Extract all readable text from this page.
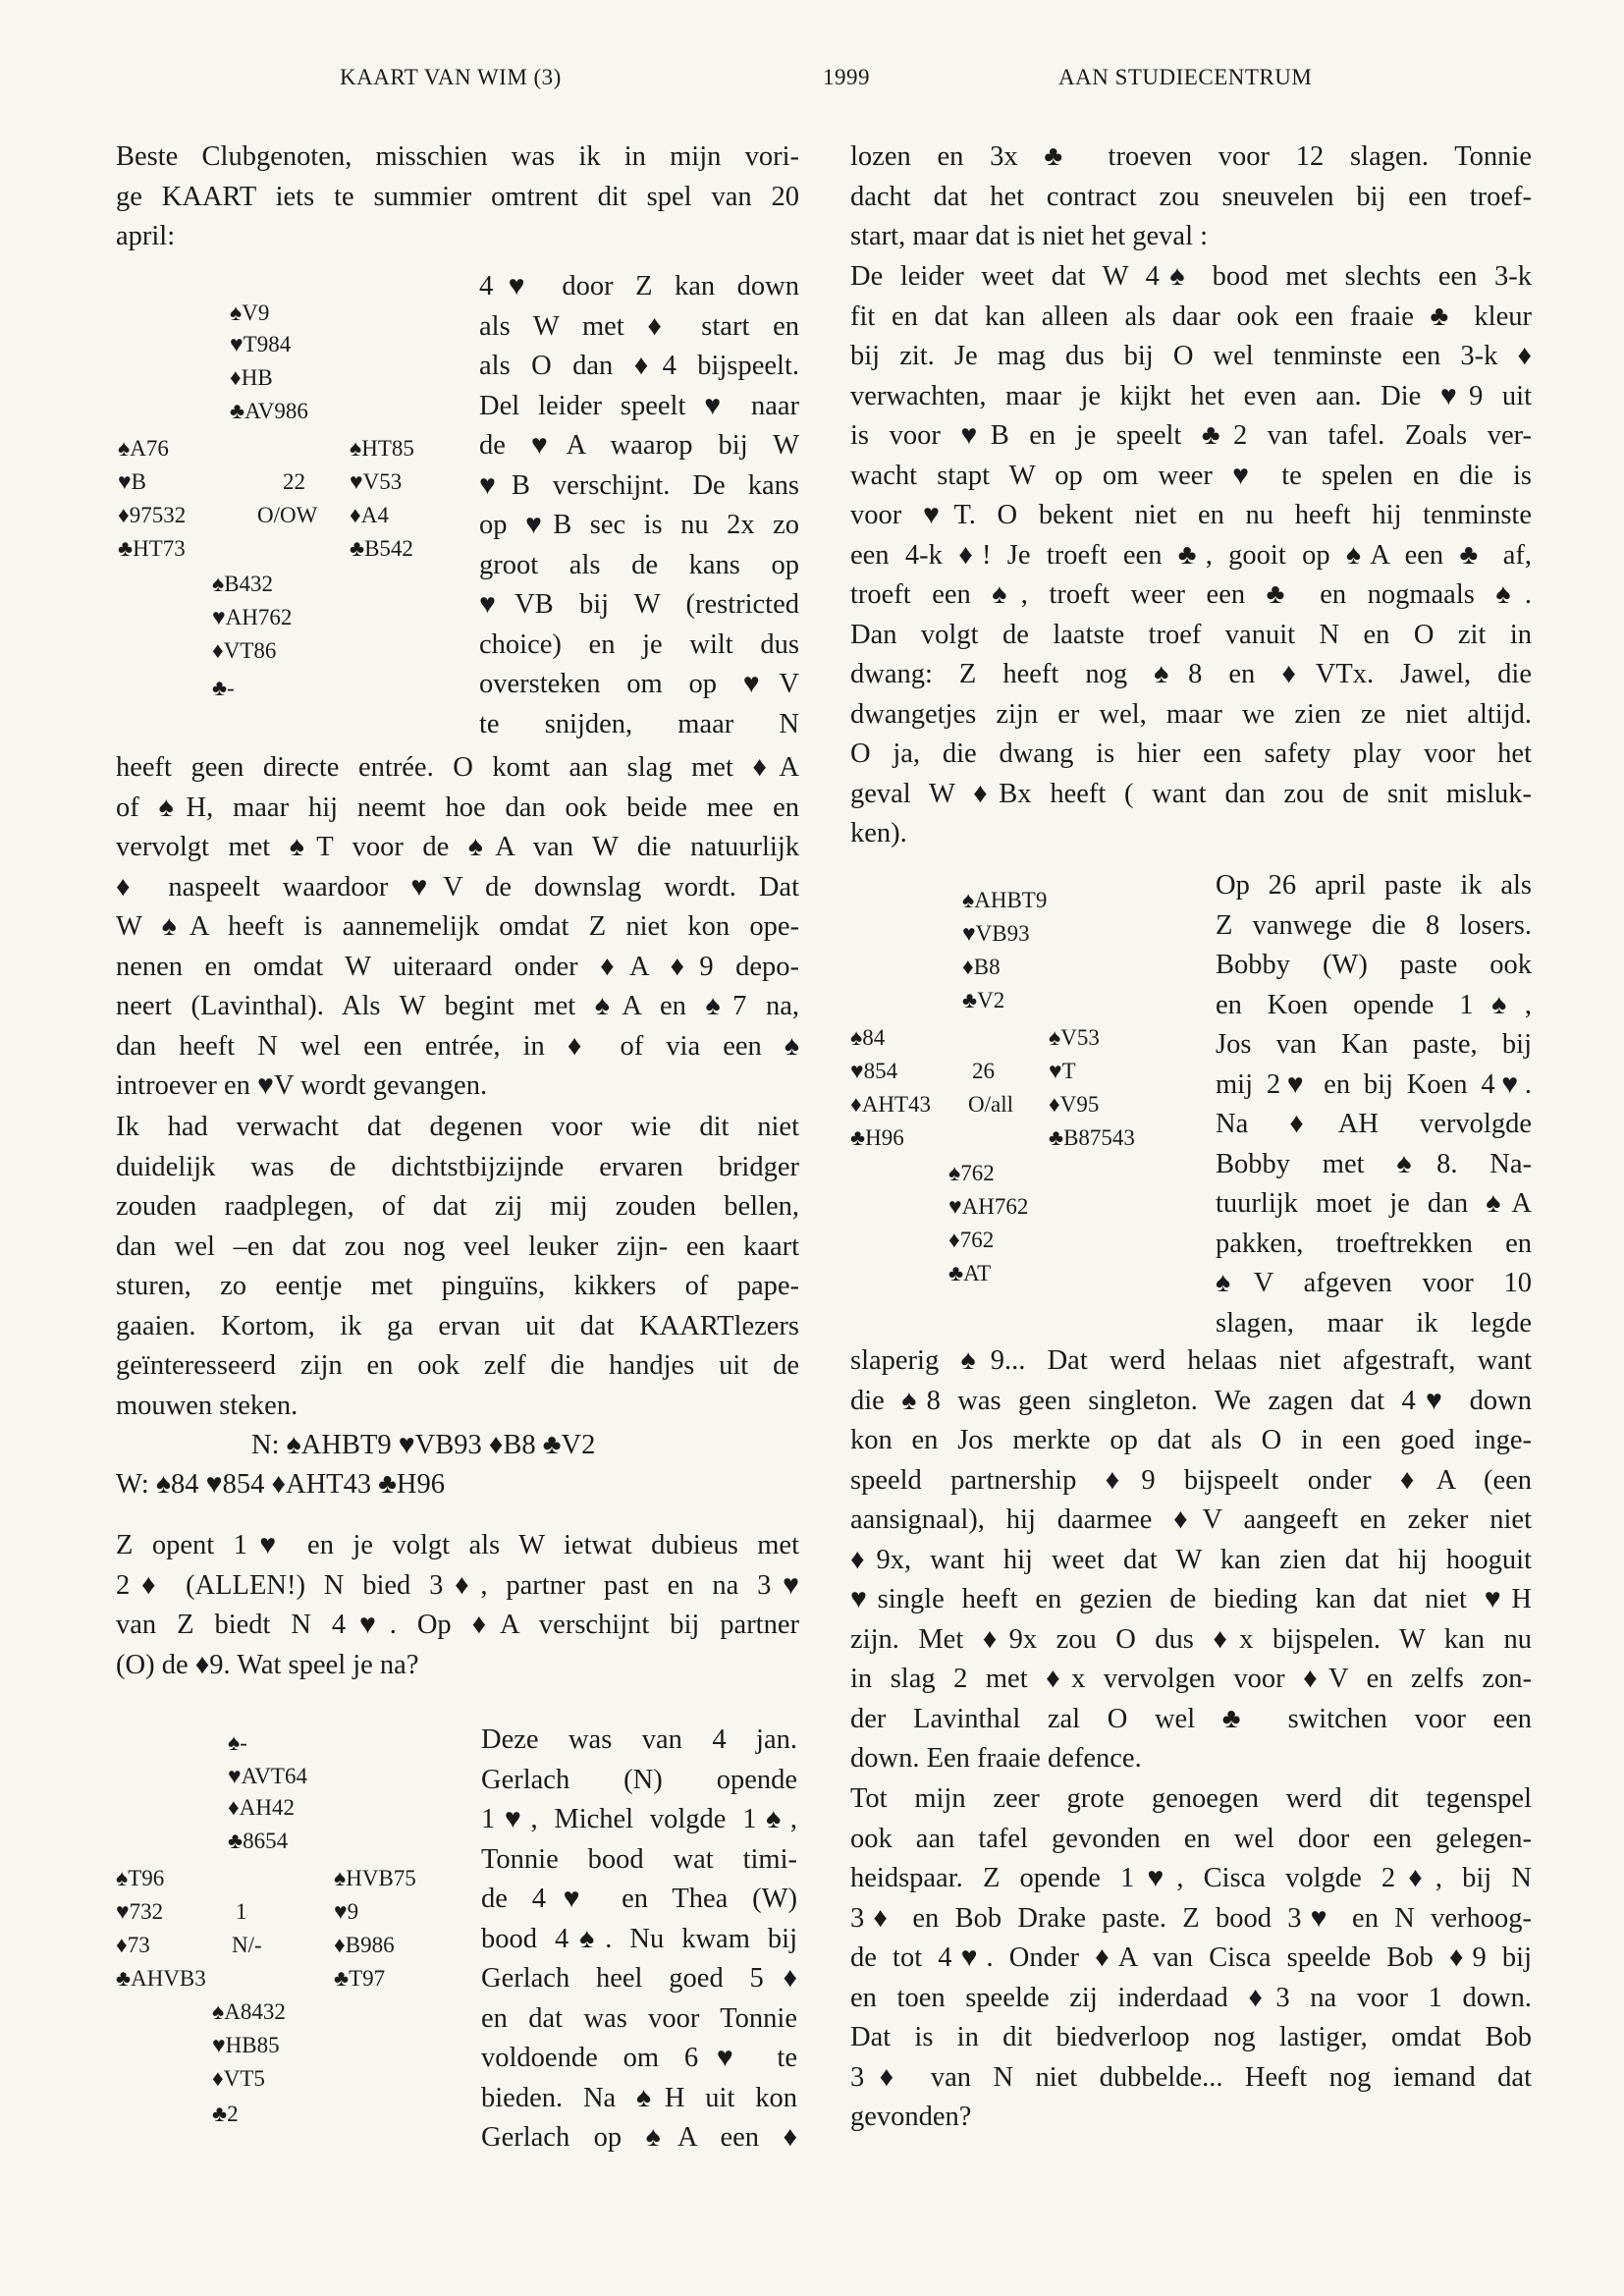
KAART VAN WIM (3)	1999	AAN STUDIECENTRUM
Beste Clubgenoten, misschien was ik in mijn vori-
ge KAART iets te summier omtrent dit spel van 20
april:
♠V9
♥T984
♦HB
♣AV986
♠A76
♥B
♦97532
♣HT73
22
O/OW
♠HT85
♥V53
♦A4
♣B542
♠B432
♥AH762
♦VT86
♣-
4♥ door Z kan down
als W met ♦ start en
als O dan ♦4 bijspeelt.
Del leider speelt ♥ naar
de ♥A waarop bij W
♥B verschijnt. De kans
op ♥B sec is nu 2x zo
groot als de kans op
♥VB bij W (restricted
choice) en je wilt dus
oversteken om op ♥V
te snijden, maar N
heeft geen directe entrée. O komt aan slag met ♦A
of ♠H, maar hij neemt hoe dan ook beide mee en
vervolgt met ♠T voor de ♠A van W die natuurlijk
♦ naspeelt waardoor ♥V de downslag wordt. Dat
W ♠A heeft is aannemelijk omdat Z niet kon ope-
nenen en omdat W uiteraard onder ♦A ♦9 depo-
neert (Lavinthal). Als W begint met ♠A en ♠7 na,
dan heeft N wel een entrée, in ♦ of via een ♠
introever en ♥V wordt gevangen.
Ik had verwacht dat degenen voor wie dit niet
duidelijk was de dichtstbijzijnde ervaren bridger
zouden raadplegen, of dat zij mij zouden bellen,
dan wel –en dat zou nog veel leuker zijn- een kaart
sturen, zo eentje met pinguïns, kikkers of pape-
gaaien. Kortom, ik ga ervan uit dat KAARTlezers
geïnteresseerd zijn en ook zelf die handjes uit de
mouwen steken.
N: ♠AHBT9 ♥VB93 ♦B8 ♣V2
W: ♠84 ♥854 ♦AHT43 ♣H96
Z opent 1♥ en je volgt als W ietwat dubieus met
2♦ (ALLEN!) N bied 3♦, partner past en na 3♥
van Z biedt N 4♥. Op ♦A verschijnt bij partner
(O) de ♦9. Wat speel je na?
♠-
♥AVT64
♦AH42
♣8654
♠T96
♥732
♦73
♣AHVB3
1
N/-
♠HVB75
♥9
♦B986
♣T97
♠A8432
♥HB85
♦VT5
♣2
Deze was van 4 jan.
Gerlach (N) opende
1♥, Michel volgde 1♠,
Tonnie bood wat timi-
de 4♥ en Thea (W)
bood 4♠. Nu kwam bij
Gerlach heel goed 5♦
en dat was voor Tonnie
voldoende om 6♥ te
bieden. Na ♠H uit kon
Gerlach op ♠A een ♦
lozen en 3x ♣ troeven voor 12 slagen. Tonnie
dacht dat het contract zou sneuvelen bij een troef-
start, maar dat is niet het geval :
De leider weet dat W 4♠ bood met slechts een 3-k
fit en dat kan alleen als daar ook een fraaie ♣ kleur
bij zit. Je mag dus bij O wel tenminste een 3-k ♦
verwachten, maar je kijkt het even aan. Die ♥9 uit
is voor ♥B en je speelt ♣2 van tafel. Zoals ver-
wacht stapt W op om weer ♥ te spelen en die is
voor ♥T. O bekent niet en nu heeft hij tenminste
een 4-k ♦! Je troeft een ♣, gooit op ♠A een ♣ af,
troeft een ♠, troeft weer een ♣ en nogmaals ♠.
Dan volgt de laatste troef vanuit N en O zit in
dwang: Z heeft nog ♠8 en ♦VTx. Jawel, die
dwangetjes zijn er wel, maar we zien ze niet altijd.
O ja, die dwang is hier een safety play voor het
geval W ♦Bx heeft ( want dan zou de snit misluk-
ken).
♠AHBT9
♥VB93
♦B8
♣V2
♠84
♥854
♦AHT43
♣H96
26
O/all
♠V53
♥T
♦V95
♣B87543
♠762
♥AH762
♦762
♣AT
Op 26 april paste ik als
Z vanwege die 8 losers.
Bobby (W) paste ook
en Koen opende 1♠,
Jos van Kan paste, bij
mij 2♥ en bij Koen 4♥.
Na ♦AH vervolgde
Bobby met ♠8. Na-
tuurlijk moet je dan ♠A
pakken, troeftrekken en
♠V afgeven voor 10
slagen, maar ik legde
slaperig ♠9... Dat werd helaas niet afgestraft, want
die ♠8 was geen singleton. We zagen dat 4♥ down
kon en Jos merkte op dat als O in een goed inge-
speeld partnership ♦9 bijspeelt onder ♦A (een
aansignaal), hij daarmee ♦V aangeeft en zeker niet
♦9x, want hij weet dat W kan zien dat hij hooguit
♥single heeft en gezien de bieding kan dat niet ♥H
zijn. Met ♦9x zou O dus ♦x bijspelen. W kan nu
in slag 2 met ♦x vervolgen voor ♦V en zelfs zon-
der Lavinthal zal O wel ♣ switchen voor een
down. Een fraaie defence.
Tot mijn zeer grote genoegen werd dit tegenspel
ook aan tafel gevonden en wel door een gelegen-
heidspaar. Z opende 1♥, Cisca volgde 2♦, bij N
3♦ en Bob Drake paste. Z bood 3♥ en N verhoog-
de tot 4♥. Onder ♦A van Cisca speelde Bob ♦9 bij
en toen speelde zij inderdaad ♦3 na voor 1 down.
Dat is in dit biedverloop nog lastiger, omdat Bob
3♦ van N niet dubbelde... Heeft nog iemand dat
gevonden?
